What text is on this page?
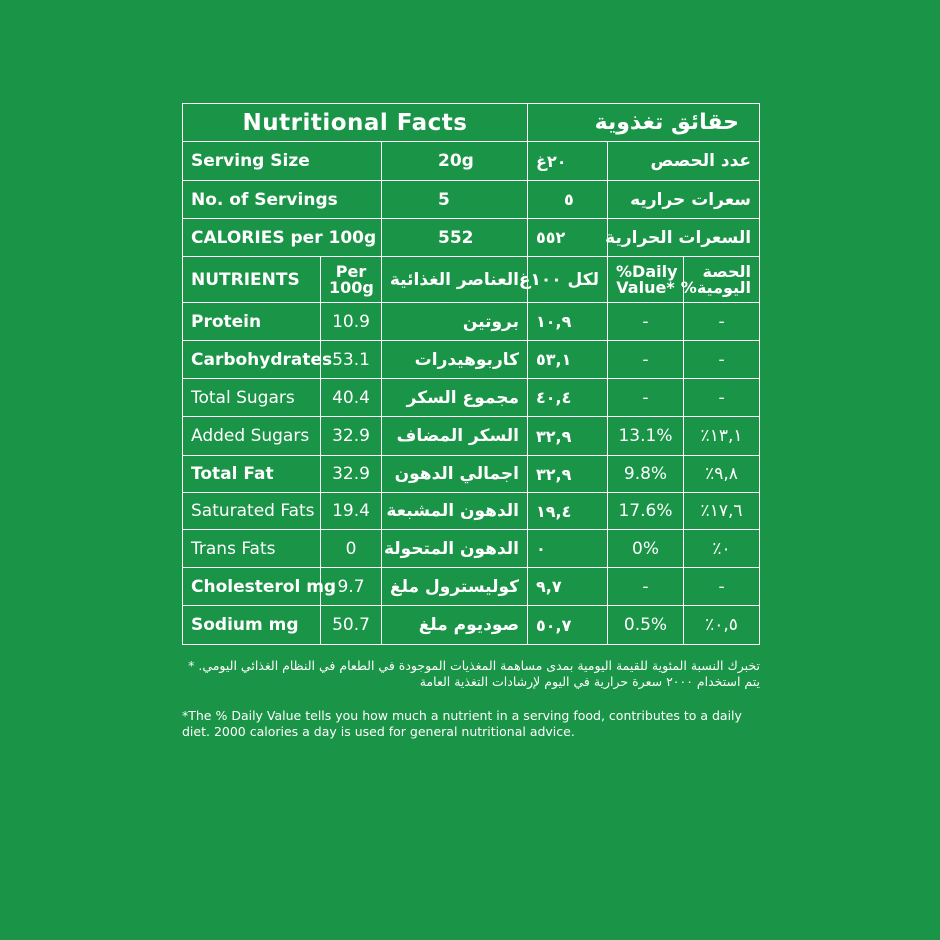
Nutritional Facts			حقائق تغذوية		
Serving Size		20g	٢٠غ	عدد الحصص	
No. of Servings		5	٥	سعرات حراريه	
CALORIES per 100g		552	٥٥٢	السعرات الحرارية	
NUTRIENTS	Per 100g	العناصر الغذائية	لكل ١٠٠غ	%Daily Value*	الحصة اليومية%
Protein	10.9	بروتين	١٠,٩	-	-
Carbohydrates	53.1	كاربوهيدرات	٥٣,١	-	-
Total Sugars	40.4	مجموع السكر	٤٠,٤	-	-
Added Sugars	32.9	السكر المضاف	٣٢,٩	13.1%	٪١٣,١
Total Fat	32.9	اجمالي الدهون	٣٢,٩	9.8%	٪٩,٨
Saturated Fats	19.4	الدهون المشبعة	١٩,٤	17.6%	٪١٧,٦
Trans Fats	0	الدهون المتحولة	٠	0%	٪٠
Cholesterol mg	9.7	كوليسترول ملغ	٩,٧	-	-
Sodium mg	50.7	صوديوم ملغ	٥٠,٧	0.5%	٪٠,٥
تخبرك النسبة المئوية للقيمة اليومية بمدى مساهمة المغذيات الموجودة في الطعام في النظام الغذائي اليومي. *
يتم استخدام ٢٠٠٠ سعرة حرارية في اليوم لإرشادات التغذية العامة
*The % Daily Value tells you how much a nutrient in a serving food, contributes to a daily diet. 2000 calories a day is used for general nutritional advice.
